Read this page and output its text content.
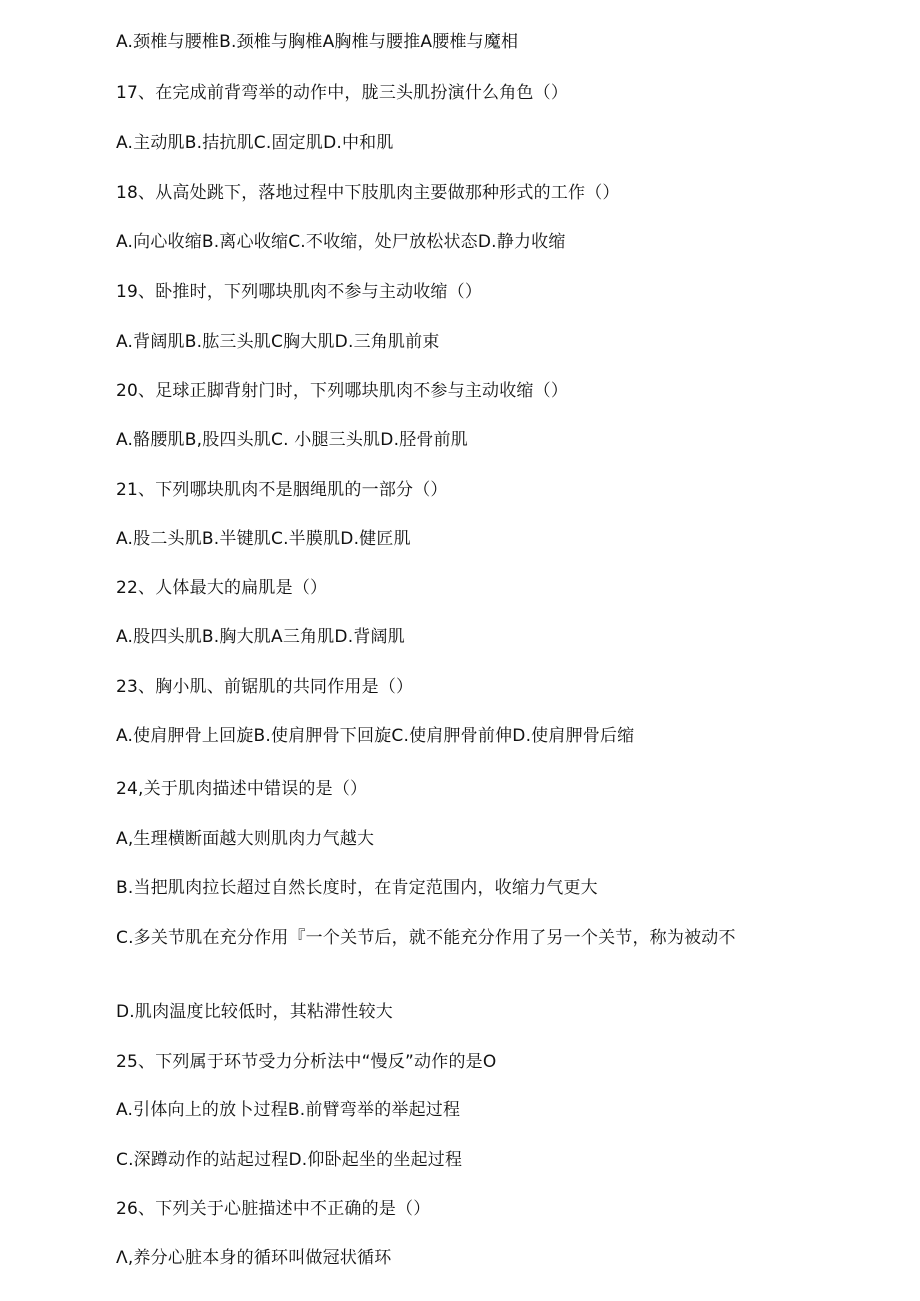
A.颈椎与腰椎B.颈椎与胸椎A胸椎与腰推A腰椎与魔相
17、在完成前背弯举的动作中，胧三头肌扮演什么角色（）
A.主动肌B.拮抗肌C.固定肌D.中和肌
18、从高处跳下，落地过程中下肢肌肉主要做那种形式的工作（）
A.向心收缩B.离心收缩C.不收缩，处尸放松状态D.静力收缩
19、卧推时，下列哪块肌肉不参与主动收缩（）
A.背阔肌B.肱三头肌C胸大肌D.三角肌前束
20、足球正脚背射门时，下列哪块肌肉不参与主动收缩（）
A.骼腰肌B,股四头肌C. 小腿三头肌D.胫骨前肌
21、下列哪块肌肉不是胭绳肌的一部分（）
A.股二头肌B.半键肌C.半膜肌D.健匠肌
22、人体最大的扁肌是（）
A.股四头肌B.胸大肌A三角肌D.背阔肌
23、胸小肌、前锯肌的共同作用是（）
A.使肩胛骨上回旋B.使肩胛骨下回旋C.使肩胛骨前伸D.使肩胛骨后缩
24,关于肌肉描述中错误的是（）
A,生理横断面越大则肌肉力气越大
B.当把肌肉拉长超过自然长度时，在肯定范围内，收缩力气更大
C.多关节肌在充分作用『一个关节后，就不能充分作用了另一个关节，称为被动不
D.肌肉温度比较低时，其粘滞性较大
25、下列属于环节受力分析法中“慢反”动作的是O
A.引体向上的放卜过程B.前臂弯举的举起过程
C.深蹲动作的站起过程D.仰卧起坐的坐起过程
26、下列关于心脏描述中不正确的是（）
Λ,养分心脏本身的循环叫做冠状循环
